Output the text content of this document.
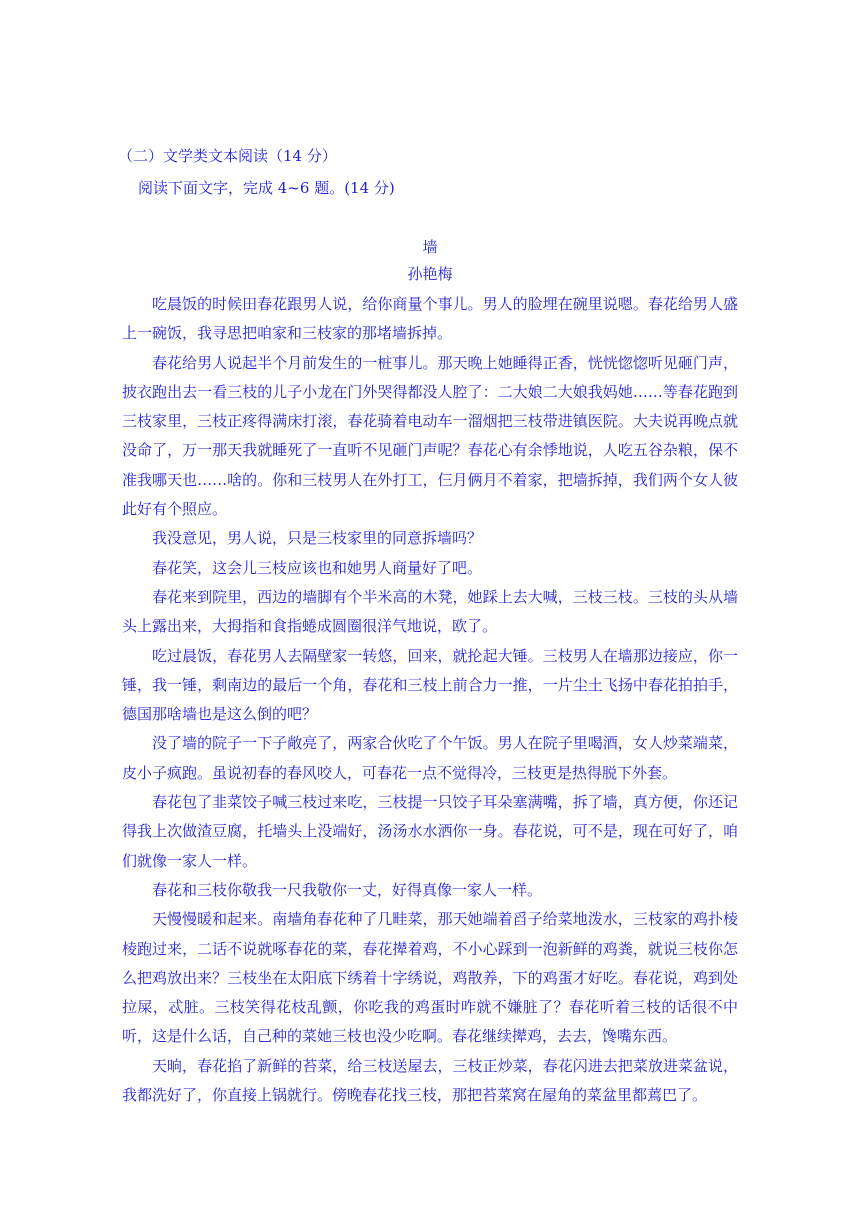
（二）文学类文本阅读（14 分）
阅读下面文字，完成 4~6 题。(14 分)
墙
孙艳梅

吃晨饭的时候田春花跟男人说，给你商量个事儿。男人的脸埋在碗里说嗯。春花给男人盛上一碗饭，我寻思把咱家和三枝家的那堵墙拆掉。

春花给男人说起半个月前发生的一桩事儿。那天晚上她睡得正香，恍恍惚惚听见砸门声，披衣跑出去一看三枝的儿子小龙在门外哭得都没人腔了：二大娘二大娘我妈她……等春花跑到三枝家里，三枝正疼得满床打滚，春花骑着电动车一溜烟把三枝带进镇医院。大夫说再晚点就没命了，万一那天我就睡死了一直听不见砸门声呢？春花心有余悸地说，人吃五谷杂粮，保不准我哪天也……啥的。你和三枝男人在外打工，仨月俩月不着家，把墙拆掉，我们两个女人彼此好有个照应。

我没意见，男人说，只是三枝家里的同意拆墙吗？

春花笑，这会儿三枝应该也和她男人商量好了吧。

春花来到院里，西边的墙脚有个半米高的木凳，她踩上去大喊，三枝三枝。三枝的头从墙头上露出来，大拇指和食指蜷成圆圈很洋气地说，欧了。

吃过晨饭，春花男人去隔壁家一转悠，回来，就抡起大锤。三枝男人在墙那边接应，你一锤，我一锤，剩南边的最后一个角，春花和三枝上前合力一推，一片尘土飞扬中春花拍拍手，德国那啥墙也是这么倒的吧？

没了墙的院子一下子敞亮了，两家合伙吃了个午饭。男人在院子里喝酒，女人炒菜端菜，皮小子疯跑。虽说初春的春风咬人，可春花一点不觉得冷，三枝更是热得脱下外套。

春花包了韭菜饺子喊三枝过来吃，三枝提一只饺子耳朵塞满嘴，拆了墙，真方便，你还记得我上次做渣豆腐，托墙头上没端好，汤汤水水洒你一身。春花说，可不是，现在可好了，咱们就像一家人一样。

春花和三枝你敬我一尺我敬你一丈，好得真像一家人一样。

天慢慢暖和起来。南墙角春花种了几畦菜，那天她端着舀子给菜地泼水，三枝家的鸡扑棱棱跑过来，二话不说就啄春花的菜，春花撵着鸡，不小心踩到一泡新鲜的鸡粪，就说三枝你怎么把鸡放出来？三枝坐在太阳底下绣着十字绣说，鸡散养，下的鸡蛋才好吃。春花说，鸡到处拉屎，忒脏。三枝笑得花枝乱颤，你吃我的鸡蛋时咋就不嫌脏了？春花听着三枝的话很不中听，这是什么话，自己种的菜她三枝也没少吃啊。春花继续撵鸡，去去，馋嘴东西。

天晌，春花掐了新鲜的苔菜，给三枝送屋去，三枝正炒菜，春花闪进去把菜放进菜盆说，我都洗好了，你直接上锅就行。傍晚春花找三枝，那把苔菜窝在屋角的菜盆里都蔫巴了。
